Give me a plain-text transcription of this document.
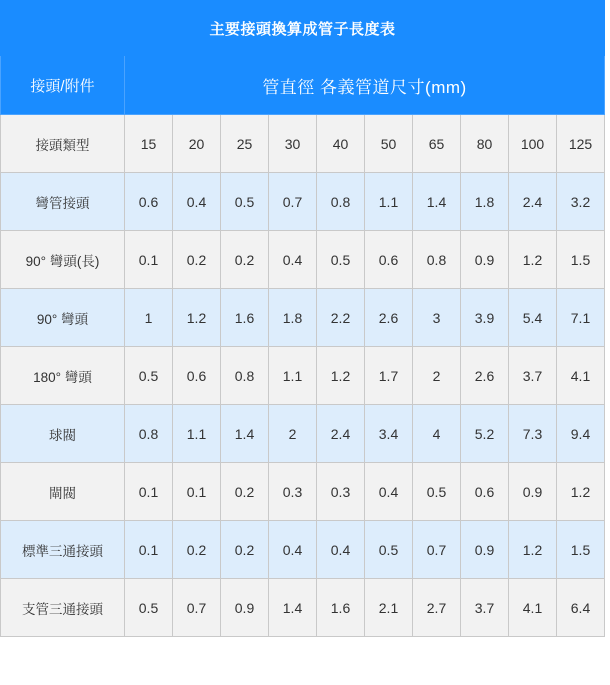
主要接頭換算成管子長度表										
接頭/附件	管直徑 各義管道尺寸(mm)									
接頭類型	15	20	25	30	40	50	65	80	100	125
彎管接頭	0.6	0.4	0.5	0.7	0.8	1.1	1.4	1.8	2.4	3.2
90° 彎頭(長)	0.1	0.2	0.2	0.4	0.5	0.6	0.8	0.9	1.2	1.5
90° 彎頭	1	1.2	1.6	1.8	2.2	2.6	3	3.9	5.4	7.1
180° 彎頭	0.5	0.6	0.8	1.1	1.2	1.7	2	2.6	3.7	4.1
球閥	0.8	1.1	1.4	2	2.4	3.4	4	5.2	7.3	9.4
閘閥	0.1	0.1	0.2	0.3	0.3	0.4	0.5	0.6	0.9	1.2
標準三通接頭	0.1	0.2	0.2	0.4	0.4	0.5	0.7	0.9	1.2	1.5
支管三通接頭	0.5	0.7	0.9	1.4	1.6	2.1	2.7	3.7	4.1	6.4
